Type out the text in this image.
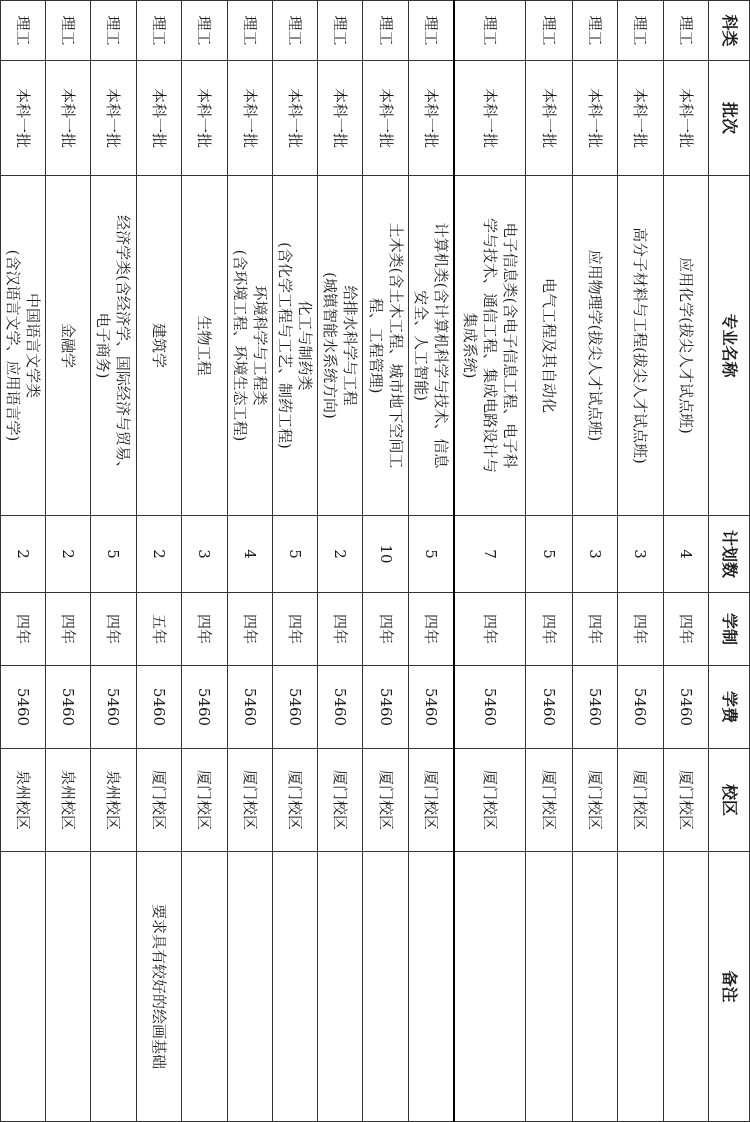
科类	批次	专业名称	计划数	学制	学费	校区	备注
理工	本科一批	应用化学(拔尖人才试点班)	4	四年	5460	厦门校区	
理工	本科一批	高分子材料与工程(拔尖人才试点班)	3	四年	5460	厦门校区	
理工	本科一批	应用物理学(拔尖人才试点班)	3	四年	5460	厦门校区	
理工	本科一批	电气工程及其自动化	5	四年	5460	厦门校区	
理工	本科一批	电子信息类(含电子信息工程、电子科
学与技术、通信工程、集成电路设计与
集成系统)	7	四年	5460	厦门校区	
理工	本科一批	计算机类(含计算机科学与技术、信息
安全、人工智能)	5	四年	5460	厦门校区	
理工	本科一批	土木类(含土木工程、城市地下空间工
程、工程管理)	10	四年	5460	厦门校区	
理工	本科一批	给排水科学与工程
(城镇智能水系统方向)	2	四年	5460	厦门校区	
理工	本科一批	化工与制药类
(含化学工程与工艺、制药工程)	5	四年	5460	厦门校区	
理工	本科一批	环境科学与工程类
(含环境工程、环境生态工程)	4	四年	5460	厦门校区	
理工	本科一批	生物工程	3	四年	5460	厦门校区	
理工	本科一批	建筑学	2	五年	5460	厦门校区	要求具有较好的绘画基础
理工	本科一批	经济学类(含经济学、国际经济与贸易、
电子商务)	5	四年	5460	泉州校区	
理工	本科一批	金融学	2	四年	5460	泉州校区	
理工	本科一批	中国语言文学类
(含汉语言文学、应用语言学)	2	四年	5460	泉州校区	
